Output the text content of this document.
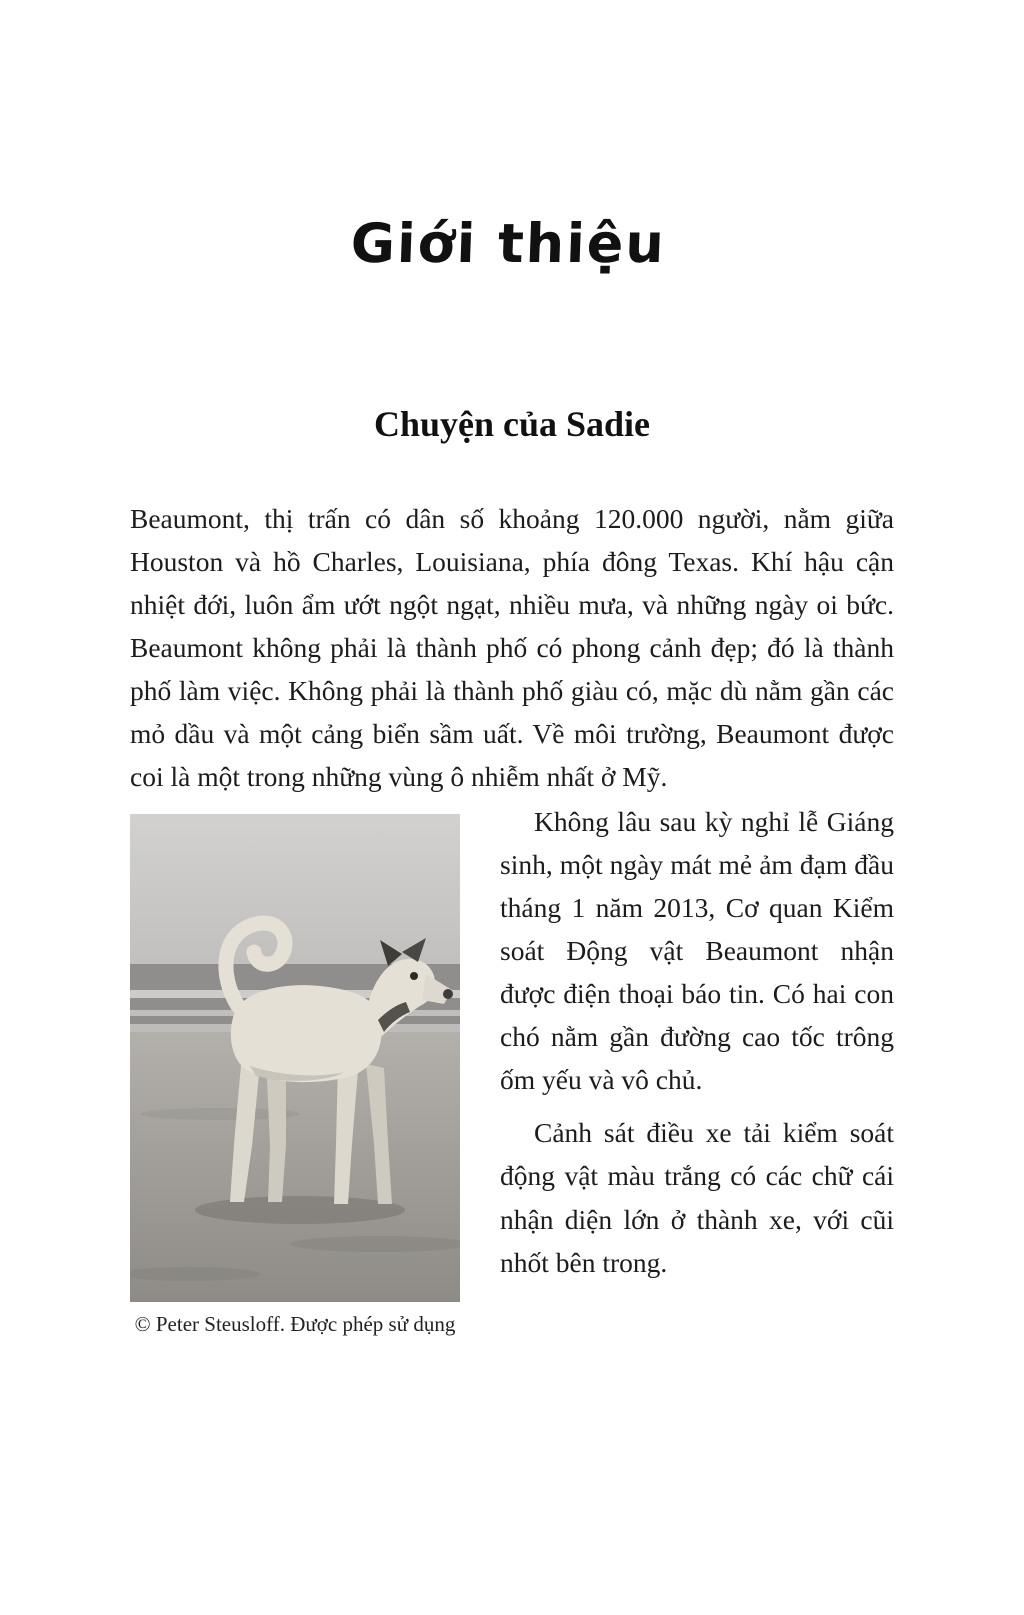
Giới thiệu
Chuyện của Sadie

Beaumont, thị trấn có dân số khoảng 120.000 người, nằm giữa Houston và hồ Charles, Louisiana, phía đông Texas. Khí hậu cận nhiệt đới, luôn ẩm ướt ngột ngạt, nhiều mưa, và những ngày oi bức. Beaumont không phải là thành phố có phong cảnh đẹp; đó là thành phố làm việc. Không phải là thành phố giàu có, mặc dù nằm gần các mỏ dầu và một cảng biển sầm uất. Về môi trường, Beaumont được coi là một trong những vùng ô nhiễm nhất ở Mỹ.

© Peter Steusloff. Được phép sử dụng

Không lâu sau kỳ nghỉ lễ Giáng sinh, một ngày mát mẻ ảm đạm đầu tháng 1 năm 2013, Cơ quan Kiểm soát Động vật Beaumont nhận được điện thoại báo tin. Có hai con chó nằm gần đường cao tốc trông ốm yếu và vô chủ.

Cảnh sát điều xe tải kiểm soát động vật màu trắng có các chữ cái nhận diện lớn ở thành xe, với cũi nhốt bên trong.
